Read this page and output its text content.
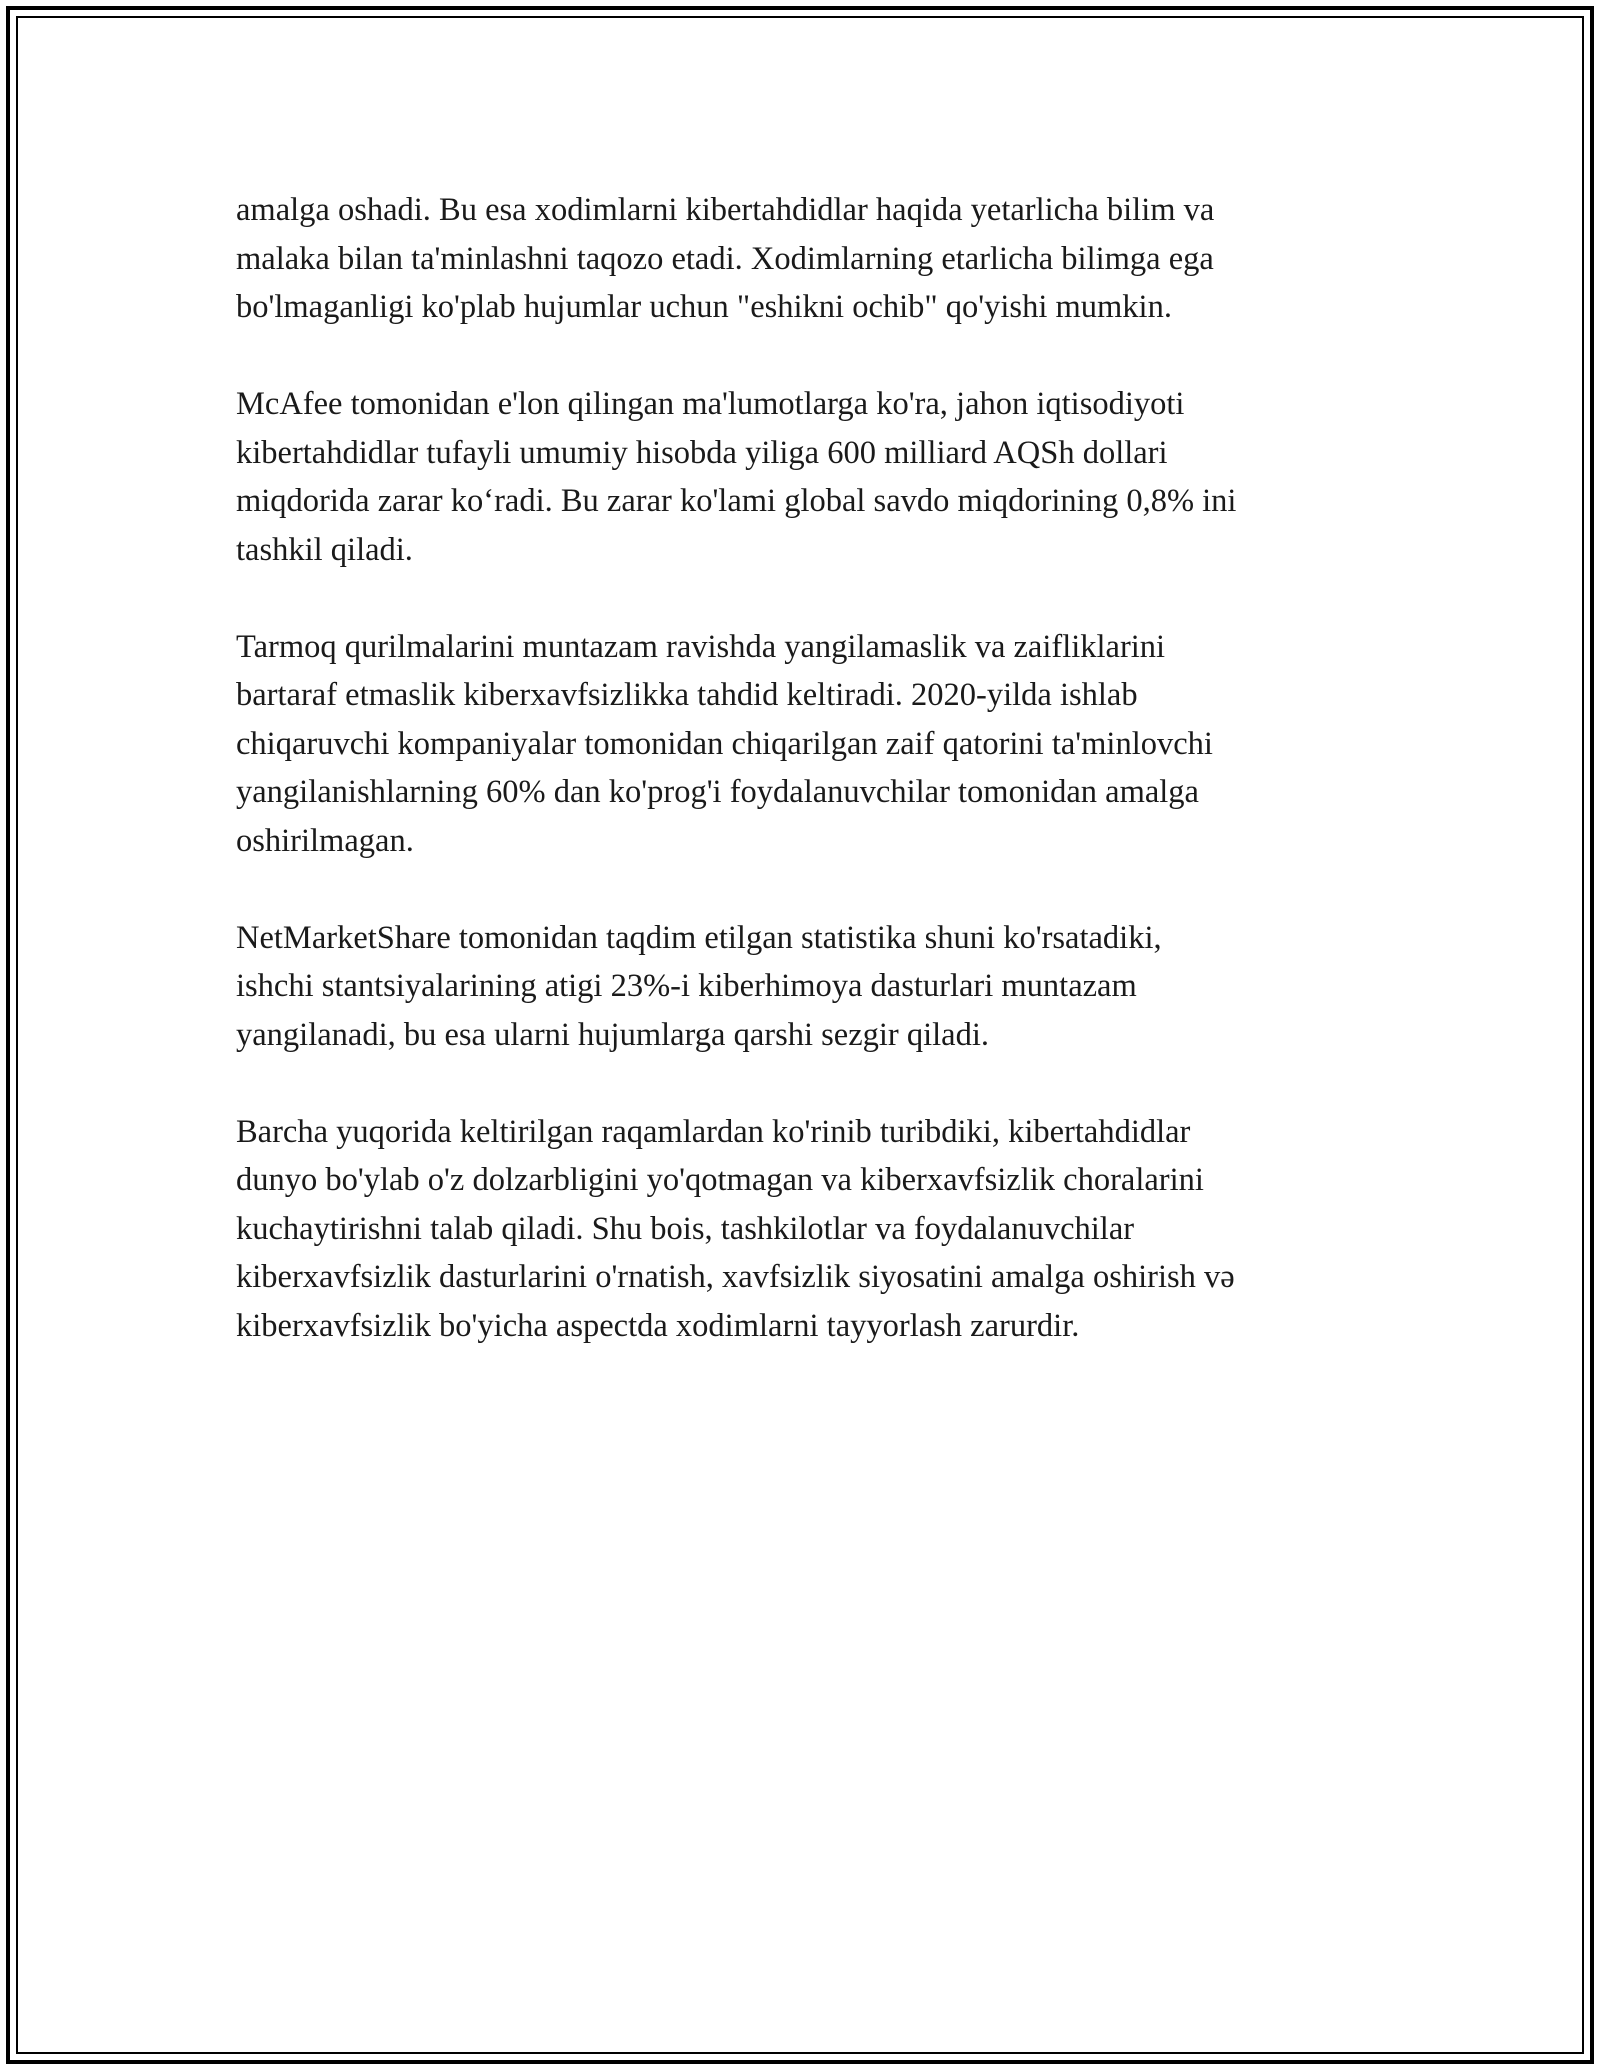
amalga oshadi. Bu esa xodimlarni kibertahdidlar haqida yetarlicha bilim va
malaka bilan ta'minlashni taqozo etadi. Xodimlarning etarlicha bilimga ega
bo'lmaganligi ko'plab hujumlar uchun "eshikni ochib" qo'yishi mumkin.

McAfee tomonidan e'lon qilingan ma'lumotlarga ko'ra, jahon iqtisodiyoti
kibertahdidlar tufayli umumiy hisobda yiliga 600 milliard AQSh dollari
miqdorida zarar ko‘radi. Bu zarar ko'lami global savdo miqdorining 0,8% ini
tashkil qiladi.

Tarmoq qurilmalarini muntazam ravishda yangilamaslik va zaifliklarini
bartaraf etmaslik kiberxavfsizlikka tahdid keltiradi. 2020-yilda ishlab
chiqaruvchi kompaniyalar tomonidan chiqarilgan zaif qatorini ta'minlovchi
yangilanishlarning 60% dan ko'prog'i foydalanuvchilar tomonidan amalga
oshirilmagan.

NetMarketShare tomonidan taqdim etilgan statistika shuni ko'rsatadiki,
ishchi stantsiyalarining atigi 23%-i kiberhimoya dasturlari muntazam
yangilanadi, bu esa ularni hujumlarga qarshi sezgir qiladi.

Barcha yuqorida keltirilgan raqamlardan ko'rinib turibdiki, kibertahdidlar
dunyo bo'ylab o'z dolzarbligini yo'qotmagan va kiberxavfsizlik choralarini
kuchaytirishni talab qiladi. Shu bois, tashkilotlar va foydalanuvchilar
kiberxavfsizlik dasturlarini o'rnatish, xavfsizlik siyosatini amalga oshirish və
kiberxavfsizlik bo'yicha aspectda xodimlarni tayyorlash zarurdir.
